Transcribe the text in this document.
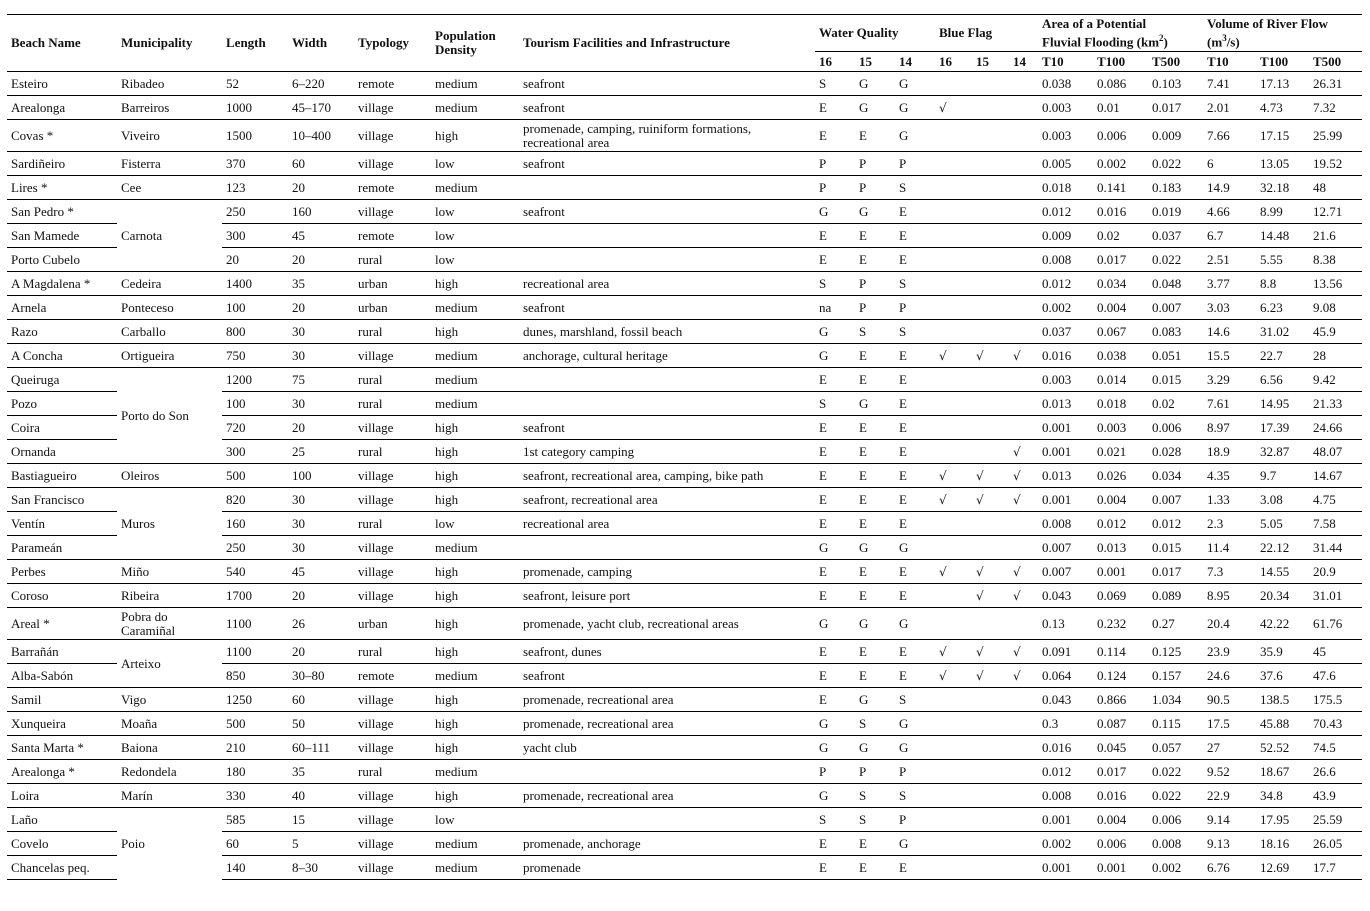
Beach Name	Municipality	Length	Width	Typology	Population Density	Tourism Facilities and Infrastructure	Water Quality			Blue Flag			Area of a Potential
Fluvial Flooding $(km^2)$			Volume of River Flow
$(m^3/s)$		
							16	15	14	16	15	14	T10	T100	T500	T10	T100	T500
Esteiro	Ribadeo	52	6–220	remote	medium	seafront	S	G	G				0.038	0.086	0.103	7.41	17.13	26.31
Arealonga	Barreiros	1000	45–170	village	medium	seafront	E	G	G	√			0.003	0.01	0.017	2.01	4.73	7.32
Covas *	Viveiro	1500	10–400	village	high	promenade, camping, ruiniform formations, recreational area	E	E	G				0.003	0.006	0.009	7.66	17.15	25.99
Sardiñeiro	Fisterra	370	60	village	low	seafront	P	P	P				0.005	0.002	0.022	6	13.05	19.52
Lires *	Cee	123	20	remote	medium		P	P	S				0.018	0.141	0.183	14.9	32.18	48
San Pedro *	Carnota	250	160	village	low	seafront	G	G	E				0.012	0.016	0.019	4.66	8.99	12.71
San Mamede		300	45	remote	low		E	E	E				0.009	0.02	0.037	6.7	14.48	21.6
Porto Cubelo		20	20	rural	low		E	E	E				0.008	0.017	0.022	2.51	5.55	8.38
A Magdalena *	Cedeira	1400	35	urban	high	recreational area	S	P	S				0.012	0.034	0.048	3.77	8.8	13.56
Arnela	Ponteceso	100	20	urban	medium	seafront	na	P	P				0.002	0.004	0.007	3.03	6.23	9.08
Razo	Carballo	800	30	rural	high	dunes, marshland, fossil beach	G	S	S				0.037	0.067	0.083	14.6	31.02	45.9
A Concha	Ortigueira	750	30	village	medium	anchorage, cultural heritage	G	E	E	√	√	√	0.016	0.038	0.051	15.5	22.7	28
Queiruga	Porto do Son	1200	75	rural	medium		E	E	E				0.003	0.014	0.015	3.29	6.56	9.42
Pozo		100	30	rural	medium		S	G	E				0.013	0.018	0.02	7.61	14.95	21.33
Coira		720	20	village	high	seafront	E	E	E				0.001	0.003	0.006	8.97	17.39	24.66
Ornanda		300	25	rural	high	1st category camping	E	E	E			√	0.001	0.021	0.028	18.9	32.87	48.07
Bastiagueiro	Oleiros	500	100	village	high	seafront, recreational area, camping, bike path	E	E	E	√	√	√	0.013	0.026	0.034	4.35	9.7	14.67
San Francisco	Muros	820	30	village	high	seafront, recreational area	E	E	E	√	√	√	0.001	0.004	0.007	1.33	3.08	4.75
Ventín		160	30	rural	low	recreational area	E	E	E				0.008	0.012	0.012	2.3	5.05	7.58
Parameán		250	30	village	medium		G	G	G				0.007	0.013	0.015	11.4	22.12	31.44
Perbes	Miño	540	45	village	high	promenade, camping	E	E	E	√	√	√	0.007	0.001	0.017	7.3	14.55	20.9
Coroso	Ribeira	1700	20	village	high	seafront, leisure port	E	E	E		√	√	0.043	0.069	0.089	8.95	20.34	31.01
Areal *	Pobra do Caramiñal	1100	26	urban	high	promenade, yacht club, recreational areas	G	G	G				0.13	0.232	0.27	20.4	42.22	61.76
Barrañán	Arteixo	1100	20	rural	high	seafront, dunes	E	E	E	√	√	√	0.091	0.114	0.125	23.9	35.9	45
Alba-Sabón		850	30–80	remote	medium	seafront	E	E	E	√	√	√	0.064	0.124	0.157	24.6	37.6	47.6
Samil	Vigo	1250	60	village	high	promenade, recreational area	E	G	S				0.043	0.866	1.034	90.5	138.5	175.5
Xunqueira	Moaña	500	50	village	high	promenade, recreational area	G	S	G				0.3	0.087	0.115	17.5	45.88	70.43
Santa Marta *	Baiona	210	60–111	village	high	yacht club	G	G	G				0.016	0.045	0.057	27	52.52	74.5
Arealonga *	Redondela	180	35	rural	medium		P	P	P				0.012	0.017	0.022	9.52	18.67	26.6
Loira	Marín	330	40	village	high	promenade, recreational area	G	S	S				0.008	0.016	0.022	22.9	34.8	43.9
Laño	Poio	585	15	village	low		S	S	P				0.001	0.004	0.006	9.14	17.95	25.59
Covelo		60	5	village	medium	promenade, anchorage	E	E	G				0.002	0.006	0.008	9.13	18.16	26.05
Chancelas peq.		140	8–30	village	medium	promenade	E	E	E				0.001	0.001	0.002	6.76	12.69	17.7
